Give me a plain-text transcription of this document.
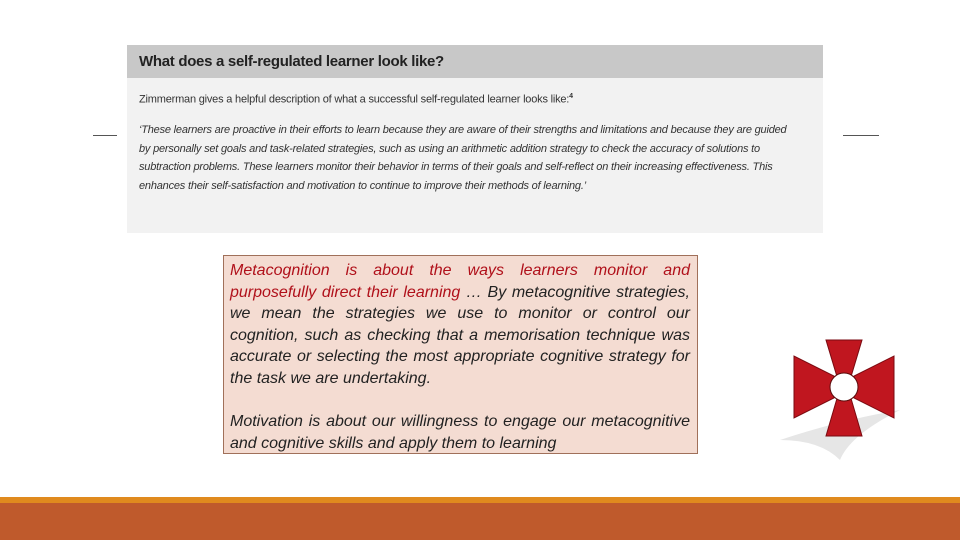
What does a self-regulated learner look like?
Zimmerman gives a helpful description of what a successful self-regulated learner looks like:$^4$
‘These learners are proactive in their efforts to learn because they are aware of their strengths and limitations and because they are guided by personally set goals and task-related strategies, such as using an arithmetic addition strategy to check the accuracy of solutions to subtraction problems. These learners monitor their behavior in terms of their goals and self-reflect on their increasing effectiveness. This enhances their self-satisfaction and motivation to continue to improve their methods of learning.’
Metacognition is about the ways learners monitor and purposefully direct their learning … By metacognitive strategies, we mean the strategies we use to monitor or control our cognition, such as checking that a memorisation technique was accurate or selecting the most appropriate cognitive strategy for the task we are undertaking.
Motivation is about our willingness to engage our metacognitive and cognitive skills and apply them to learning
